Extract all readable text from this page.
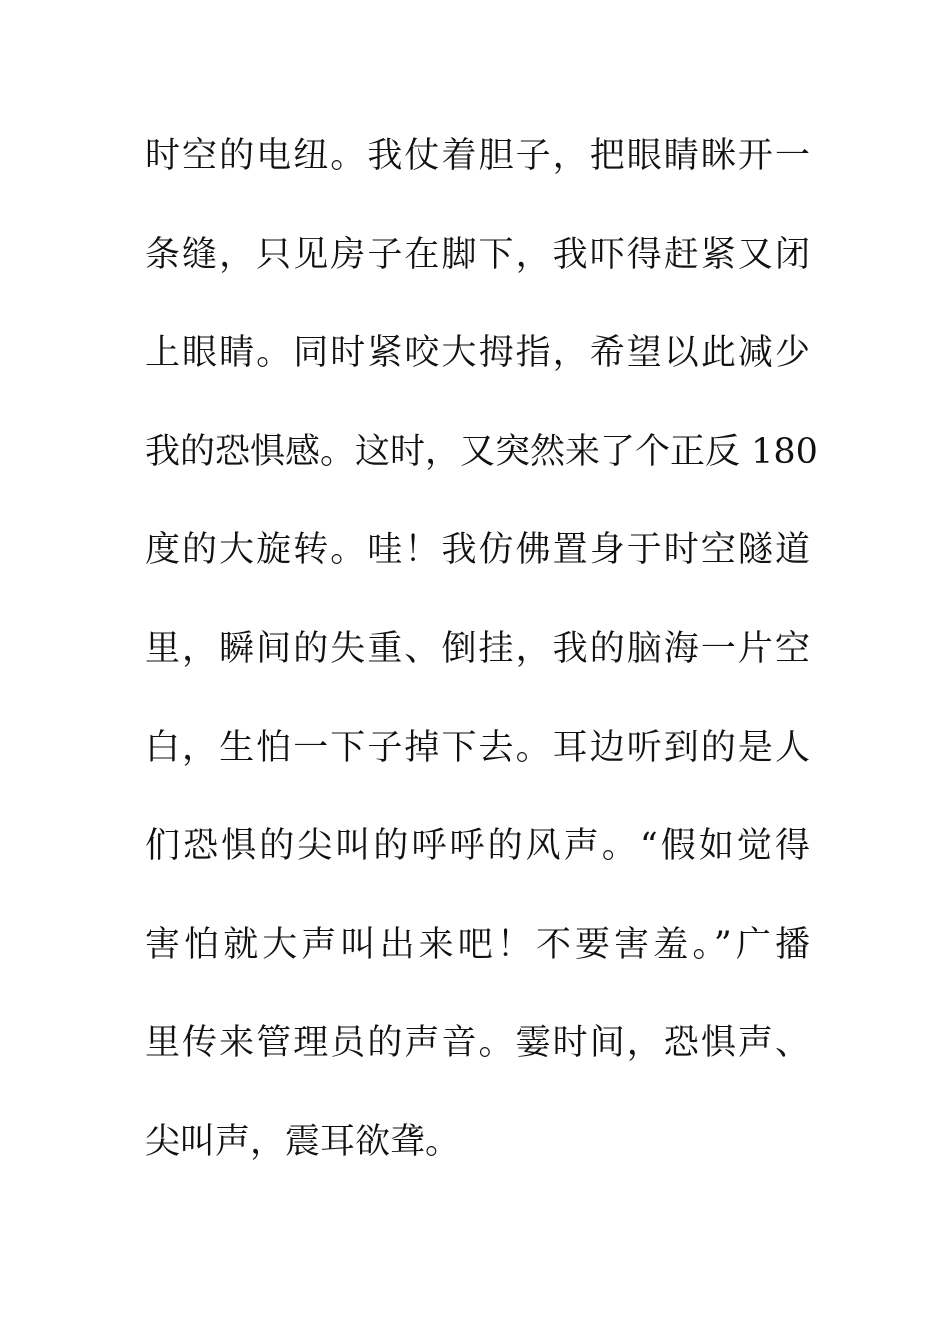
时空的电纽。我仗着胆子，把眼睛眯开一
条缝，只见房子在脚下，我吓得赶紧又闭
上眼睛。同时紧咬大拇指，希望以此减少
我的恐惧感。这时，又突然来了个正反 180
度的大旋转。哇！我仿佛置身于时空隧道
里，瞬间的失重、倒挂，我的脑海一片空
白，生怕一下子掉下去。耳边听到的是人
们恐惧的尖叫的呼呼的风声。“假如觉得
害怕就大声叫出来吧！不要害羞。”广播
里传来管理员的声音。霎时间，恐惧声、
尖叫声，震耳欲聋。
